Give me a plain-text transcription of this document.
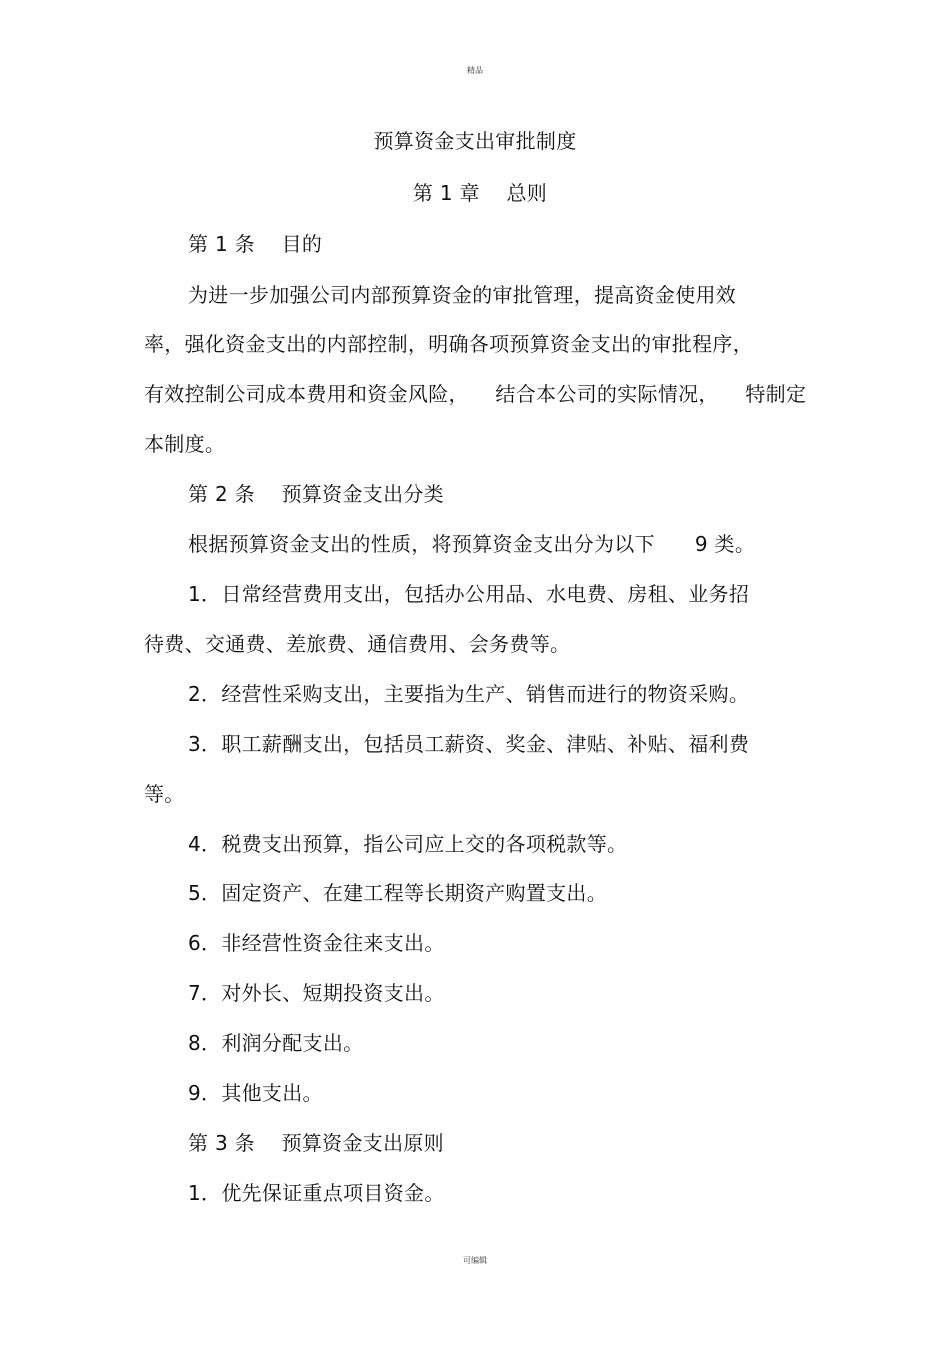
精品
预算资金支出审批制度
第 1 章    总则
第 1 条    目的
为进一步加强公司内部预算资金的审批管理，提高资金使用效
率，强化资金支出的内部控制，明确各项预算资金支出的审批程序，
有效控制公司成本费用和资金风险，    结合本公司的实际情况，    特制定
本制度。
第 2 条    预算资金支出分类
根据预算资金支出的性质，将预算资金支出分为以下      9 类。
1．日常经营费用支出，包括办公用品、水电费、房租、业务招
待费、交通费、差旅费、通信费用、会务费等。
2．经营性采购支出，主要指为生产、销售而进行的物资采购。
3．职工薪酬支出，包括员工薪资、奖金、津贴、补贴、福利费
等。
4．税费支出预算，指公司应上交的各项税款等。
5．固定资产、在建工程等长期资产购置支出。
6．非经营性资金往来支出。
7．对外长、短期投资支出。
8．利润分配支出。
9．其他支出。
第 3 条    预算资金支出原则
1．优先保证重点项目资金。
可编辑
